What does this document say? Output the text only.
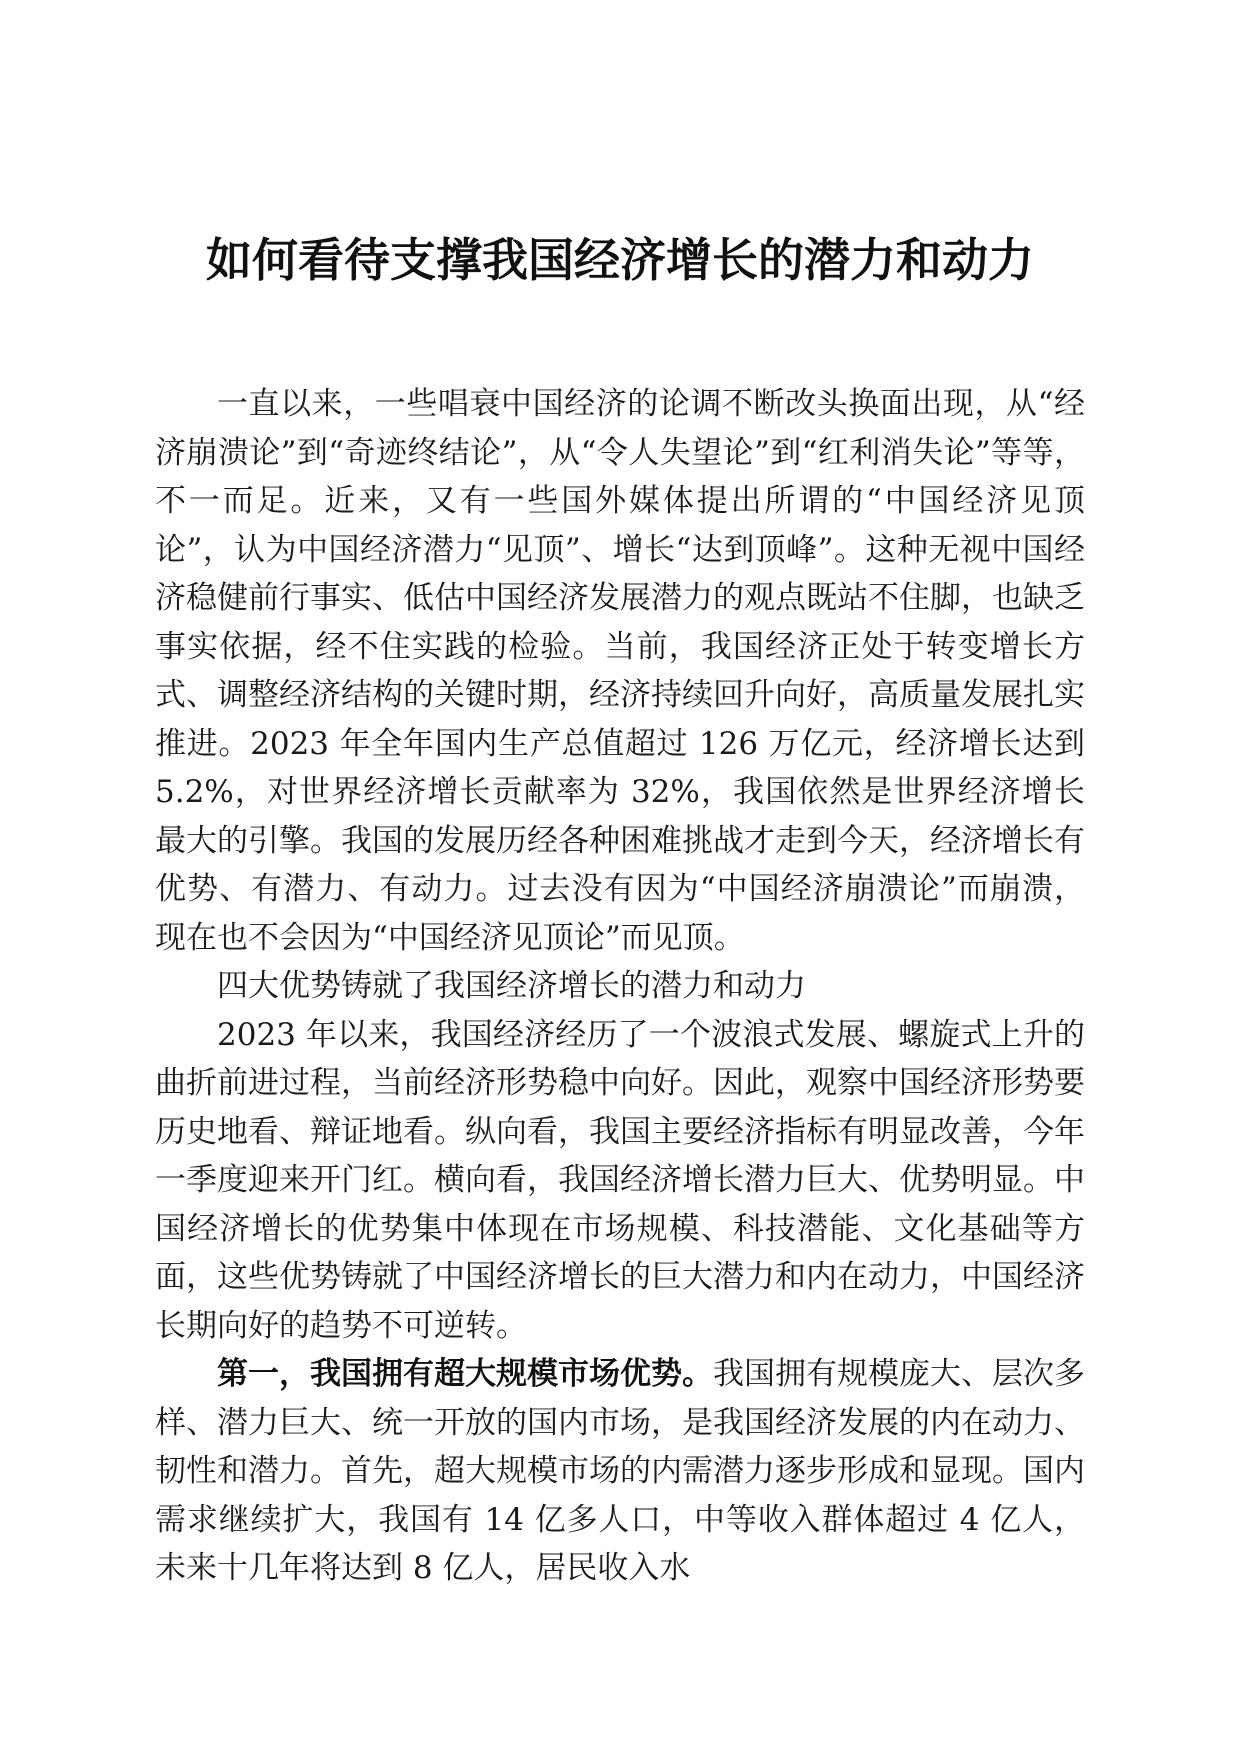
如何看待支撑我国经济增长的潜力和动力

一直以来，一些唱衰中国经济的论调不断改头换面出现，从“经济崩溃论”到“奇迹终结论”，从“令人失望论”到“红利消失论”等等，不一而足。近来，又有一些国外媒体提出所谓的“中国经济见顶论”，认为中国经济潜力“见顶”、增长“达到顶峰”。这种无视中国经济稳健前行事实、低估中国经济发展潜力的观点既站不住脚，也缺乏事实依据，经不住实践的检验。当前，我国经济正处于转变增长方式、调整经济结构的关键时期，经济持续回升向好，高质量发展扎实推进。2023 年全年国内生产总值超过 126 万亿元，经济增长达到 5.2%，对世界经济增长贡献率为 32%，我国依然是世界经济增长最大的引擎。我国的发展历经各种困难挑战才走到今天，经济增长有优势、有潜力、有动力。过去没有因为“中国经济崩溃论”而崩溃，现在也不会因为“中国经济见顶论”而见顶。

四大优势铸就了我国经济增长的潜力和动力

2023 年以来，我国经济经历了一个波浪式发展、螺旋式上升的曲折前进过程，当前经济形势稳中向好。因此，观察中国经济形势要历史地看、辩证地看。纵向看，我国主要经济指标有明显改善，今年一季度迎来开门红。横向看，我国经济增长潜力巨大、优势明显。中国经济增长的优势集中体现在市场规模、科技潜能、文化基础等方面，这些优势铸就了中国经济增长的巨大潜力和内在动力，中国经济长期向好的趋势不可逆转。

第一，我国拥有超大规模市场优势。我国拥有规模庞大、层次多样、潜力巨大、统一开放的国内市场，是我国经济发展的内在动力、韧性和潜力。首先，超大规模市场的内需潜力逐步形成和显现。国内需求继续扩大，我国有 14 亿多人口，中等收入群体超过 4 亿人，未来十几年将达到 8 亿人，居民收入水
